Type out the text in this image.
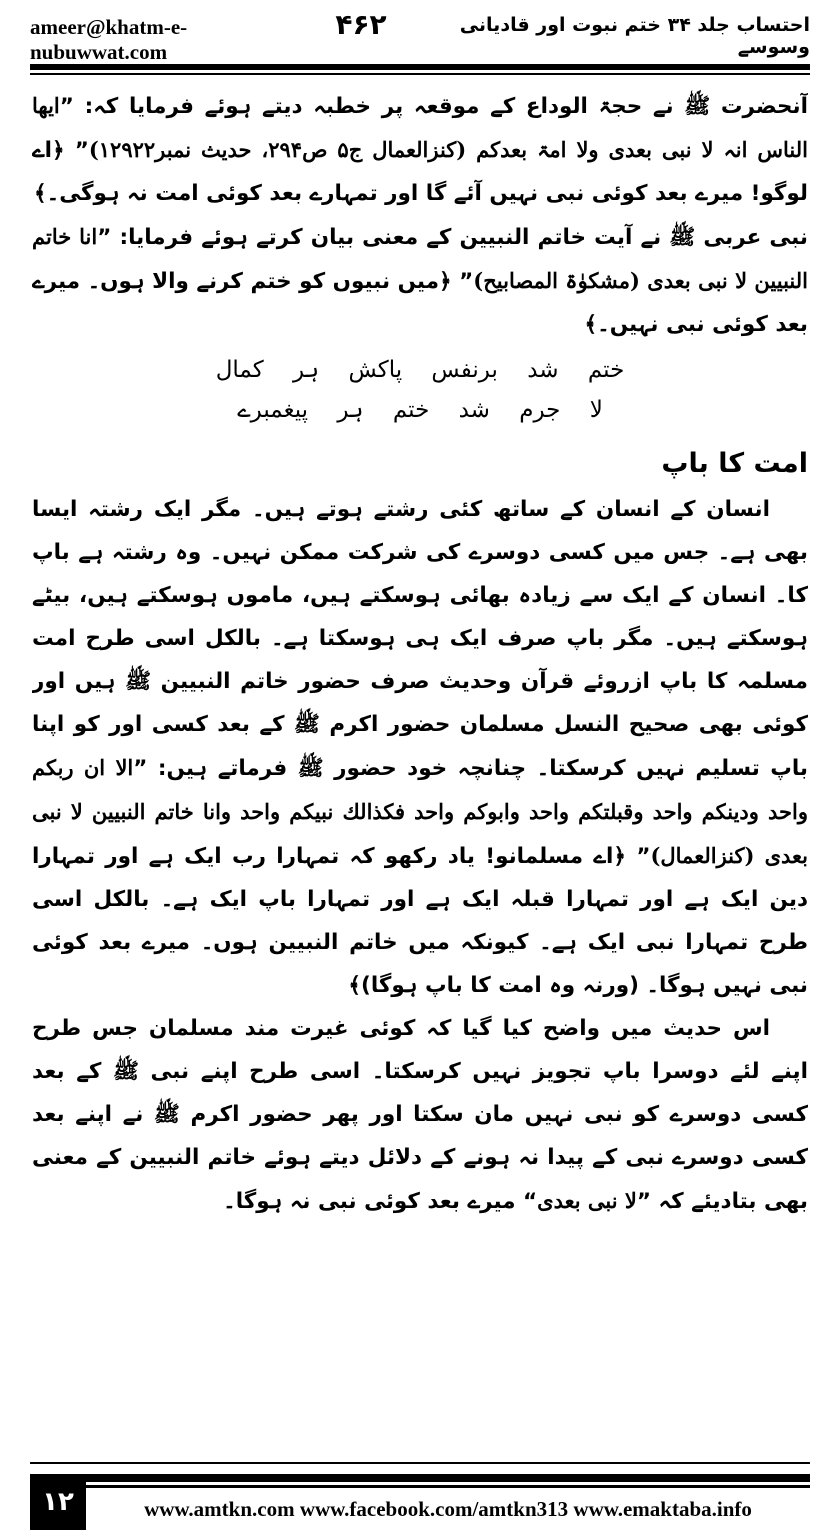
ameer@khatm-e-nubuwwat.com
۴۶۲	احتساب جلد ۳۴ ختم نبوت اور قادیانی وسوسے

آنحضرت ﷺ نے حجۃ الوداع کے موقعہ پر خطبہ دیتے ہوئے فرمایا کہ: ”ایھا الناس انہ لا نبی بعدی ولا امۃ بعدکم (کنزالعمال ج۵ ص۲۹۴، حدیث نمبر۱۲۹۲۲)” ﴿اے لوگو! میرے بعد کوئی نبی نہیں آئے گا اور تمہارے بعد کوئی امت نہ ہوگی۔﴾

نبی عربی ﷺ نے آیت خاتم النبیین کے معنی بیان کرتے ہوئے فرمایا: ”انا خاتم النبیین لا نبی بعدی (مشکوٰۃ المصابیح)” ﴿میں نبیوں کو ختم کرنے والا ہوں۔ میرے بعد کوئی نبی نہیں۔﴾

ختم شد برنفس پاکش ہر کمال
لا جرم شد ختم ہر پیغمبرے
امت کا باپ

انسان کے انسان کے ساتھ کئی رشتے ہوتے ہیں۔ مگر ایک رشتہ ایسا بھی ہے۔ جس میں کسی دوسرے کی شرکت ممکن نہیں۔ وہ رشتہ ہے باپ کا۔ انسان کے ایک سے زیادہ بھائی ہوسکتے ہیں، ماموں ہوسکتے ہیں، بیٹے ہوسکتے ہیں۔ مگر باپ صرف ایک ہی ہوسکتا ہے۔ بالکل اسی طرح امت مسلمہ کا باپ ازروئے قرآن وحدیث صرف حضور خاتم النبیین ﷺ ہیں اور کوئی بھی صحیح النسل مسلمان حضور اکرم ﷺ کے بعد کسی اور کو اپنا باپ تسلیم نہیں کرسکتا۔ چنانچہ خود حضور ﷺ فرماتے ہیں: ”الا ان ربکم واحد ودینکم واحد وقبلتکم واحد وابوکم واحد فکذالك نبیکم واحد وانا خاتم النبیین لا نبی بعدی (کنزالعمال)” ﴿اے مسلمانو! یاد رکھو کہ تمہارا رب ایک ہے اور تمہارا دین ایک ہے اور تمہارا قبلہ ایک ہے اور تمہارا باپ ایک ہے۔ بالکل اسی طرح تمہارا نبی ایک ہے۔ کیونکہ میں خاتم النبیین ہوں۔ میرے بعد کوئی نبی نہیں ہوگا۔ (ورنہ وہ امت کا باپ ہوگا)﴾

اس حدیث میں واضح کیا گیا کہ کوئی غیرت مند مسلمان جس طرح اپنے لئے دوسرا باپ تجویز نہیں کرسکتا۔ اسی طرح اپنے نبی ﷺ کے بعد کسی دوسرے کو نبی نہیں مان سکتا اور پھر حضور اکرم ﷺ نے اپنے بعد کسی دوسرے نبی کے پیدا نہ ہونے کے دلائل دیتے ہوئے خاتم النبیین کے معنی بھی بتادیئے کہ ”لا نبی بعدی“ میرے بعد کوئی نبی نہ ہوگا۔

۱۲	www.amtkn.com www.facebook.com/amtkn313 www.emaktaba.info
